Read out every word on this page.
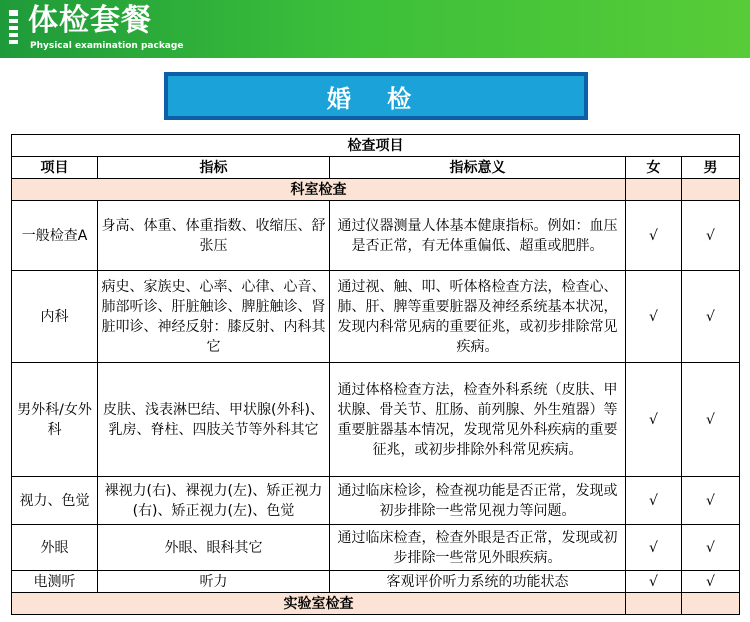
体检套餐
Physical examination package
婚 检
检查项目				
项目	指标	指标意义	女	男
科室检查				
一般检查A	身高、体重、体重指数、收缩压、舒张压	通过仪器测量人体基本健康指标。例如：血压是否正常，有无体重偏低、超重或肥胖。	√	√
内科	病史、家族史、心率、心律、心音、肺部听诊、肝脏触诊、脾脏触诊、肾脏叩诊、神经反射：膝反射、内科其它	通过视、触、叩、听体格检查方法，检查心、肺、肝、脾等重要脏器及神经系统基本状况，发现内科常见病的重要征兆，或初步排除常见疾病。	√	√
男外科/女外科	皮肤、浅表淋巴结、甲状腺(外科)、乳房、脊柱、四肢关节等外科其它	通过体格检查方法，检查外科系统（皮肤、甲状腺、骨关节、肛肠、前列腺、外生殖器）等重要脏器基本情况，发现常见外科疾病的重要征兆，或初步排除外科常见疾病。	√	√
视力、色觉	裸视力(右)、裸视力(左)、矫正视力(右)、矫正视力(左)、色觉	通过临床检诊，检查视功能是否正常，发现或初步排除一些常见视力等问题。	√	√
外眼	外眼、眼科其它	通过临床检查，检查外眼是否正常，发现或初步排除一些常见外眼疾病。	√	√
电测听	听力	客观评价听力系统的功能状态	√	√
实验室检查				
